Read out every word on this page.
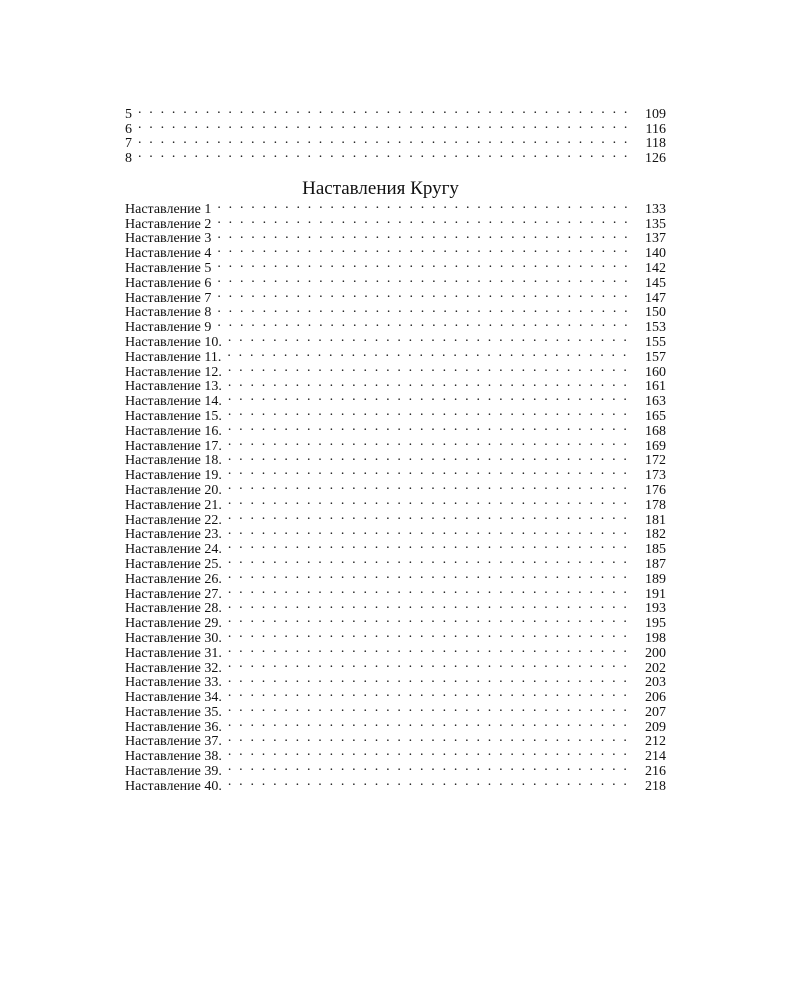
5 . . .	109
6 . . .	116
7 . . .	118
8 . . .	126
Наставления Кругу
Наставление 1 . . .	133
Наставление 2 . . .	135
Наставление 3 . . .	137
Наставление 4 . . .	140
Наставление 5 . . .	142
Наставление 6 . . .	145
Наставление 7 . . .	147
Наставление 8 . . .	150
Наставление 9 . . .	153
Наставление 10. . . .	155
Наставление 11. . . .	157
Наставление 12. . . .	160
Наставление 13. . . .	161
Наставление 14. . . .	163
Наставление 15. . . .	165
Наставление 16. . . .	168
Наставление 17. . . .	169
Наставление 18. . . .	172
Наставление 19. . . .	173
Наставление 20. . . .	176
Наставление 21. . . .	178
Наставление 22. . . .	181
Наставление 23. . . .	182
Наставление 24. . . .	185
Наставление 25. . . .	187
Наставление 26. . . .	189
Наставление 27. . . .	191
Наставление 28. . . .	193
Наставление 29. . . .	195
Наставление 30. . . .	198
Наставление 31. . . .	200
Наставление 32. . . .	202
Наставление 33. . . .	203
Наставление 34. . . .	206
Наставление 35. . . .	207
Наставление 36. . . .	209
Наставление 37. . . .	212
Наставление 38. . . .	214
Наставление 39. . . .	216
Наставление 40. . . .	218
